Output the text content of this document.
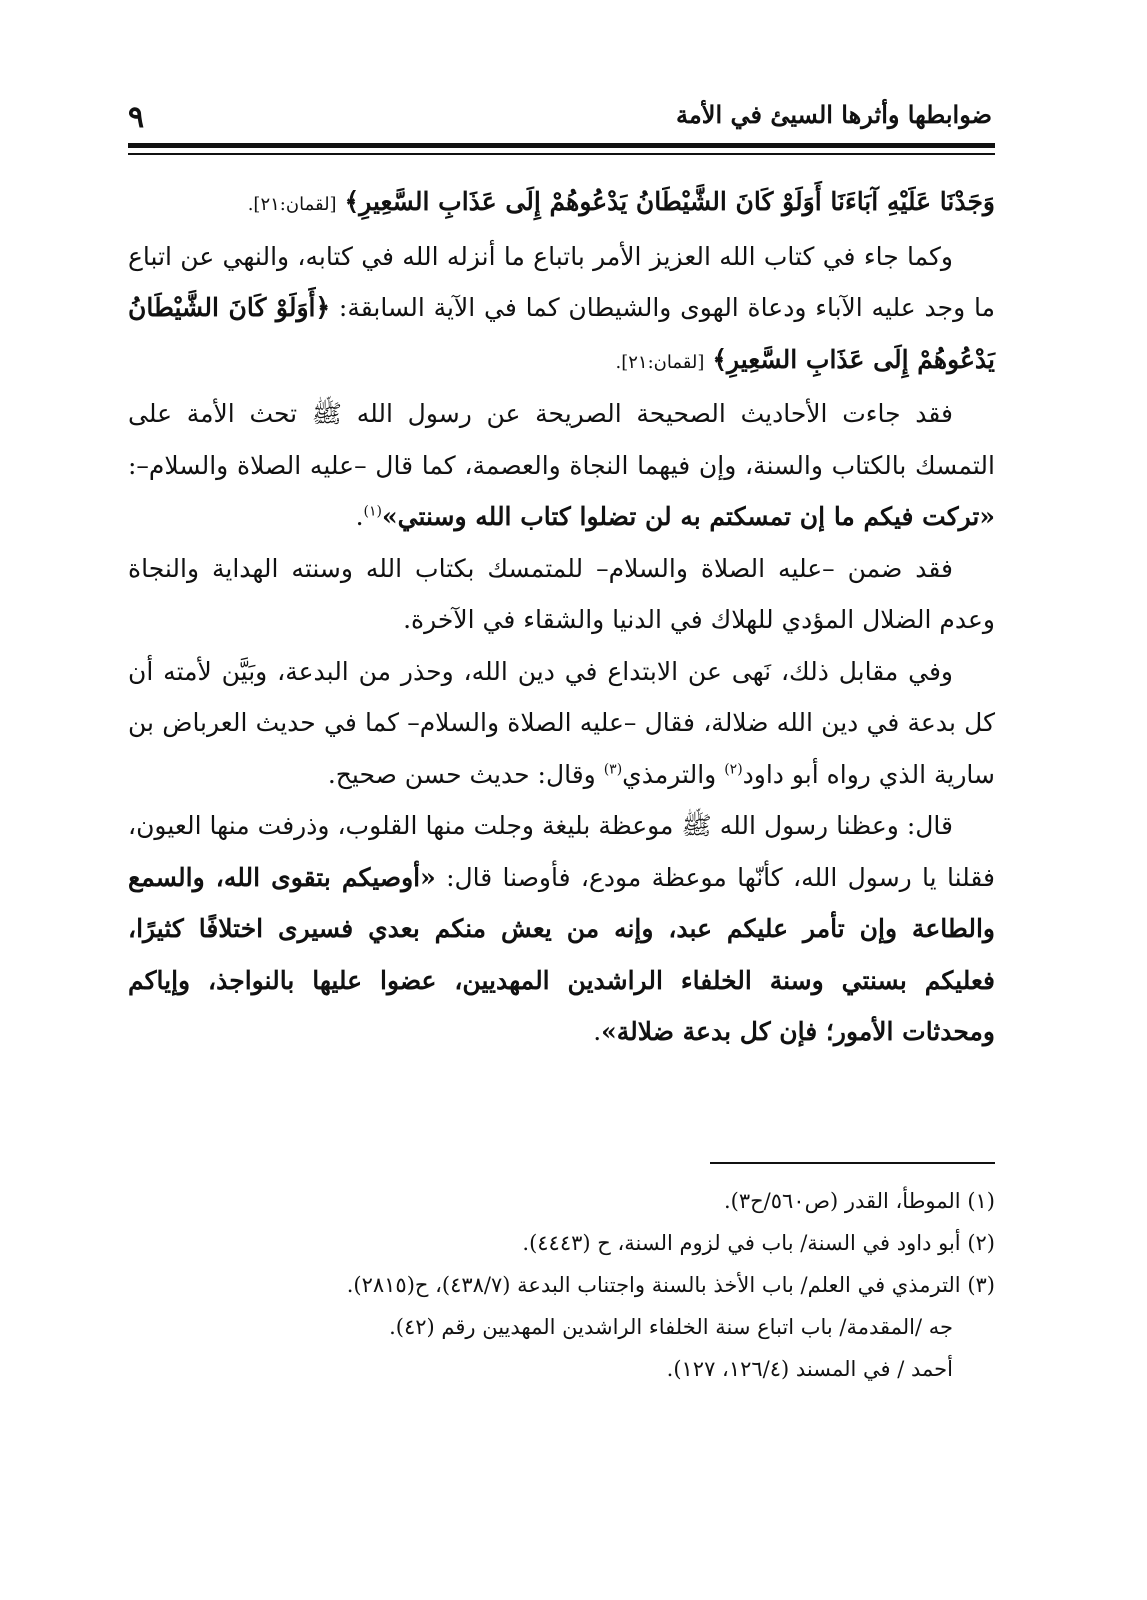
ضوابطها وأثرها السيئ في الأمة
٩

وَجَدْنَا عَلَيْهِ آبَاءَنَا أَوَلَوْ كَانَ الشَّيْطَانُ يَدْعُوهُمْ إِلَى عَذَابِ السَّعِيرِ﴾ [لقمان:٢١].

وكما جاء في كتاب الله العزيز الأمر باتباع ما أنزله الله في كتابه، والنهي عن اتباع ما وجد عليه الآباء ودعاة الهوى والشيطان كما في الآية السابقة: ﴿أَوَلَوْ كَانَ الشَّيْطَانُ يَدْعُوهُمْ إِلَى عَذَابِ السَّعِيرِ﴾ [لقمان:٢١].

فقد جاءت الأحاديث الصحيحة الصريحة عن رسول الله ﷺ تحث الأمة على التمسك بالكتاب والسنة، وإن فيهما النجاة والعصمة، كما قال –عليه الصلاة والسلام–: «تركت فيكم ما إن تمسكتم به لن تضلوا كتاب الله وسنتي»$^{(١)}$.

فقد ضمن –عليه الصلاة والسلام– للمتمسك بكتاب الله وسنته الهداية والنجاة وعدم الضلال المؤدي للهلاك في الدنيا والشقاء في الآخرة.

وفي مقابل ذلك، نَهى عن الابتداع في دين الله، وحذر من البدعة، وبَيَّن لأمته أن كل بدعة في دين الله ضلالة، فقال –عليه الصلاة والسلام– كما في حديث العرباض بن سارية الذي رواه أبو داود$^{(٢)}$ والترمذي$^{(٣)}$ وقال: حديث حسن صحيح.

قال: وعظنا رسول الله ﷺ موعظة بليغة وجلت منها القلوب، وذرفت منها العيون، فقلنا يا رسول الله، كأنّها موعظة مودع، فأوصنا قال: «أوصيكم بتقوى الله، والسمع والطاعة وإن تأمر عليكم عبد، وإنه من يعش منكم بعدي فسيرى اختلافًا كثيرًا، فعليكم بسنتي وسنة الخلفاء الراشدين المهديين، عضوا عليها بالنواجذ، وإياكم ومحدثات الأمور؛ فإن كل بدعة ضلالة».

(١) الموطأ، القدر (ص٥٦٠/ح٣).

(٢) أبو داود في السنة/ باب في لزوم السنة، ح (٤٤٤٣).

(٣) الترمذي في العلم/ باب الأخذ بالسنة واجتناب البدعة (٤٣٨/٧)، ح(٢٨١٥).

جه /المقدمة/ باب اتباع سنة الخلفاء الراشدين المهديين رقم (٤٢).

أحمد / في المسند (١٢٦/٤، ١٢٧).
